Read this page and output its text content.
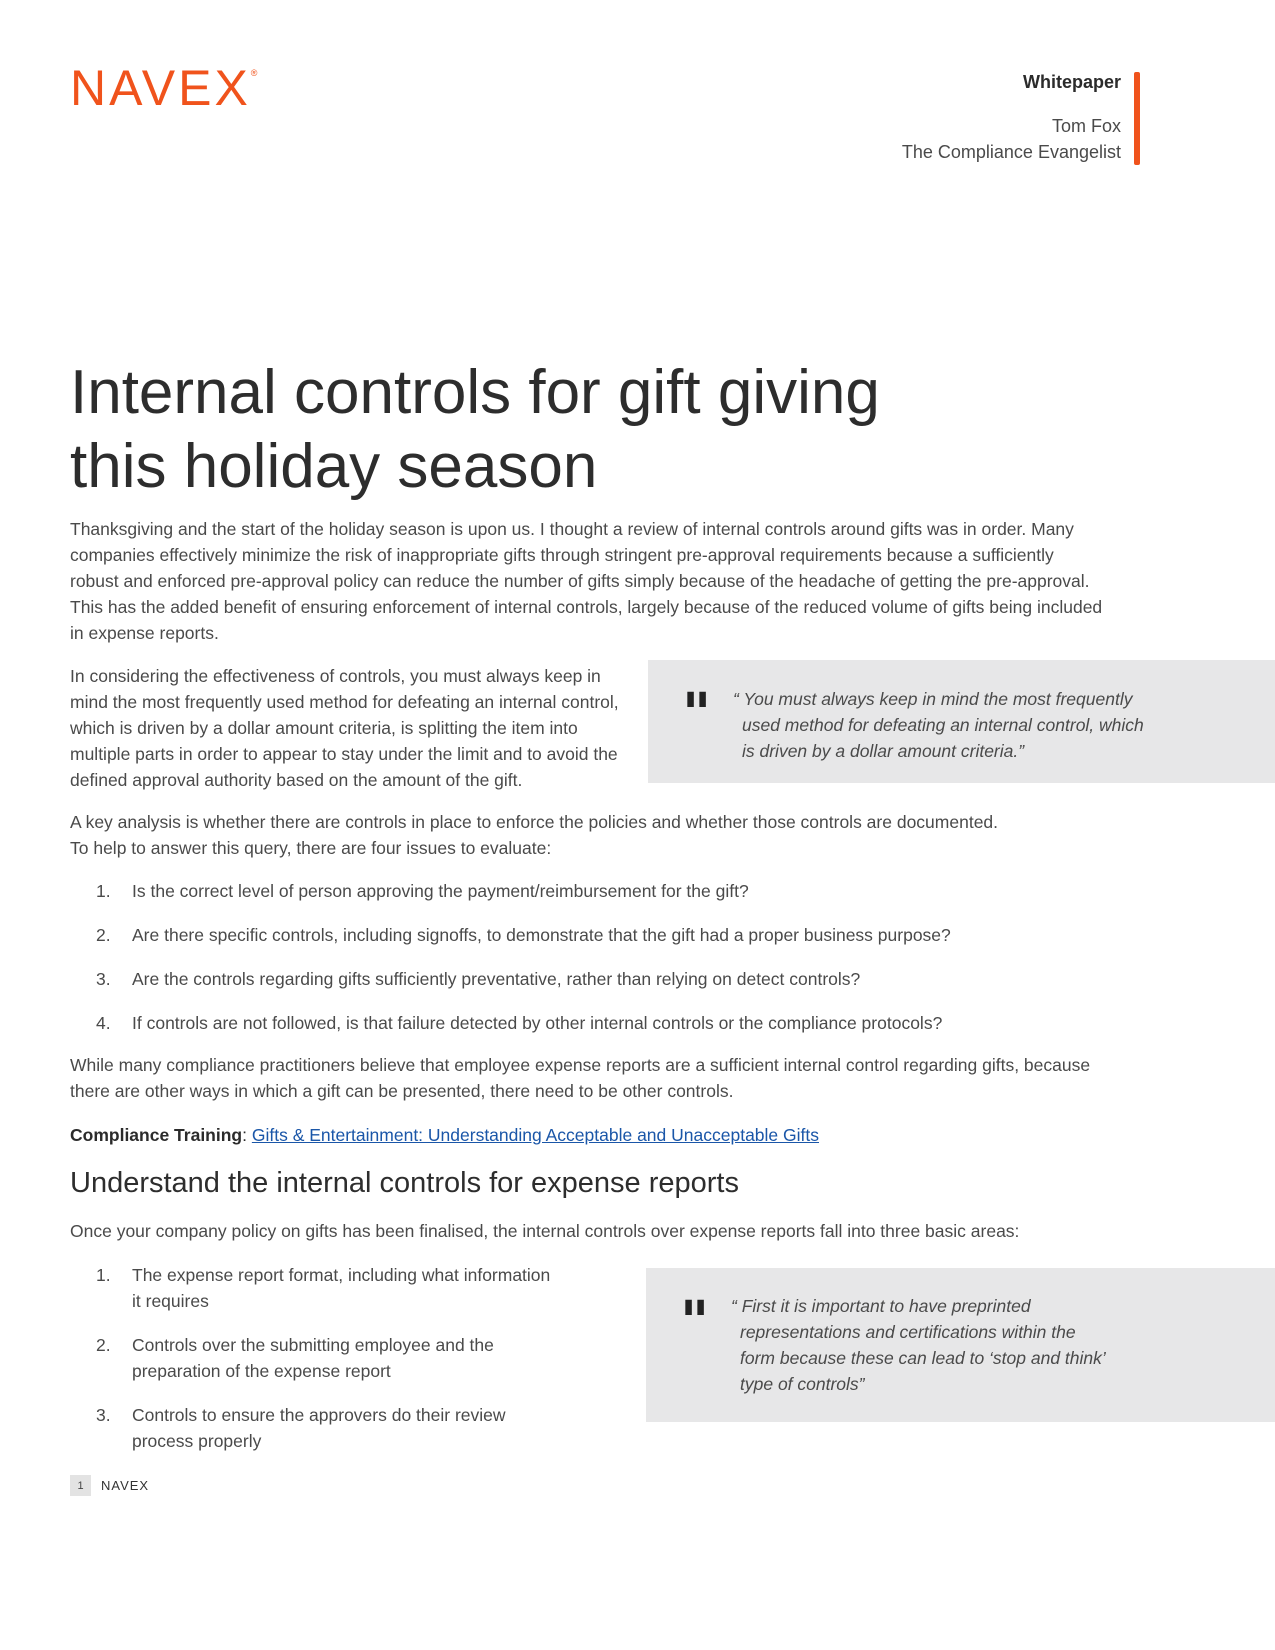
NAVEX®	Whitepaper
Tom Fox
The Compliance Evangelist
Internal controls for gift giving
this holiday season

Thanksgiving and the start of the holiday season is upon us. I thought a review of internal controls around gifts was in order. Many
companies effectively minimize the risk of inappropriate gifts through stringent pre-approval requirements because a sufficiently
robust and enforced pre-approval policy can reduce the number of gifts simply because of the headache of getting the pre-approval.
This has the added benefit of ensuring enforcement of internal controls, largely because of the reduced volume of gifts being included
in expense reports.

In considering the effectiveness of controls, you must always keep in
mind the most frequently used method for defeating an internal control,
which is driven by a dollar amount criteria, is splitting the item into
multiple parts in order to appear to stay under the limit and to avoid the
defined approval authority based on the amount of the gift.

" “ You must always keep in mind the most frequently
used method for defeating an internal control, which
is driven by a dollar amount criteria.”

A key analysis is whether there are controls in place to enforce the policies and whether those controls are documented.
To help to answer this query, there are four issues to evaluate:

1. Is the correct level of person approving the payment/reimbursement for the gift?
2. Are there specific controls, including signoffs, to demonstrate that the gift had a proper business purpose?
3. Are the controls regarding gifts sufficiently preventative, rather than relying on detect controls?
4. If controls are not followed, is that failure detected by other internal controls or the compliance protocols?

While many compliance practitioners believe that employee expense reports are a sufficient internal control regarding gifts, because
there are other ways in which a gift can be presented, there need to be other controls.

Compliance Training: Gifts & Entertainment: Understanding Acceptable and Unacceptable Gifts
Understand the internal controls for expense reports

Once your company policy on gifts has been finalised, the internal controls over expense reports fall into three basic areas:

1. The expense report format, including what information
it requires
2. Controls over the submitting employee and the
preparation of the expense report
3. Controls to ensure the approvers do their review
process properly
" “ First it is important to have preprinted
representations and certifications within the
form because these can lead to ‘stop and think’
type of controls”

1	NAVEX
